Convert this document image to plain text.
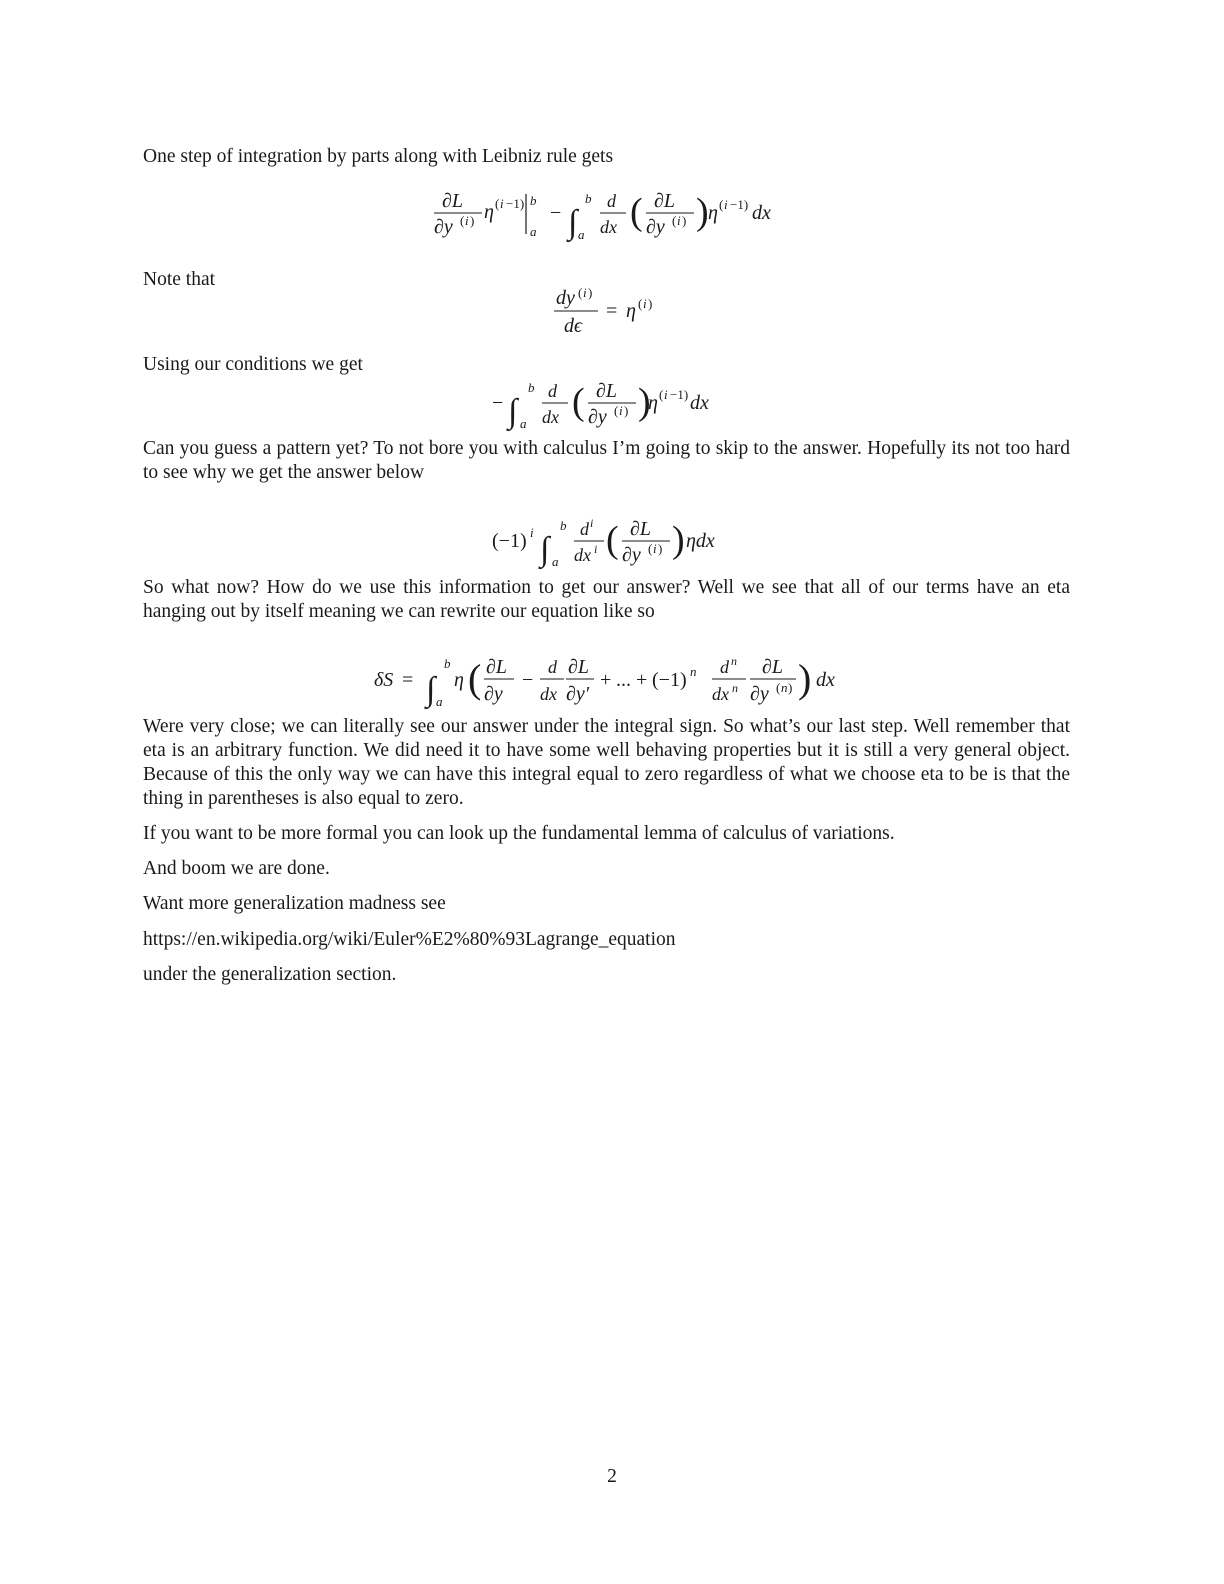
One step of integration by parts along with Leibniz rule gets

∂L
∂y ( i ) η ( i −1) b
a
− ∫
b
a
d
dx ( ∂L
∂y ( i ) ) η ( i −1) dx

Note that

dy ( i )
dϵ
= η ( i )

Using our conditions we get

− ∫
b
a
d
dx ( ∂L
∂y ( i ) )
η ( i −1) dx

Can you guess a pattern yet? To not bore you with calculus I’m going to skip to the answer. Hopefully its not too hard to see why we get the answer below

(−1) i ∫
b
a
d i
dx i ( ∂L
∂y ( i ) ) ηdx

So what now? How do we use this information to get our answer? Well we see that all of our terms have an eta hanging out by itself meaning we can rewrite our equation like so

δS = ∫
b
a
η ( ∂L
∂y
−
d
dx
∂L
∂y′
+ ... + (−1) n d n
dx n
∂L
∂y ( n ) ) dx

Were very close; we can literally see our answer under the integral sign. So what’s our last step. Well remember that eta is an arbitrary function. We did need it to have some well behaving properties but it is still a very general object. Because of this the only way we can have this integral equal to zero regardless of what we choose eta to be is that the thing in parentheses is also equal to zero.

If you want to be more formal you can look up the fundamental lemma of calculus of variations.

And boom we are done.

Want more generalization madness see

https://en.wikipedia.org/wiki/Euler%E2%80%93Lagrange_equation

under the generalization section.

2
